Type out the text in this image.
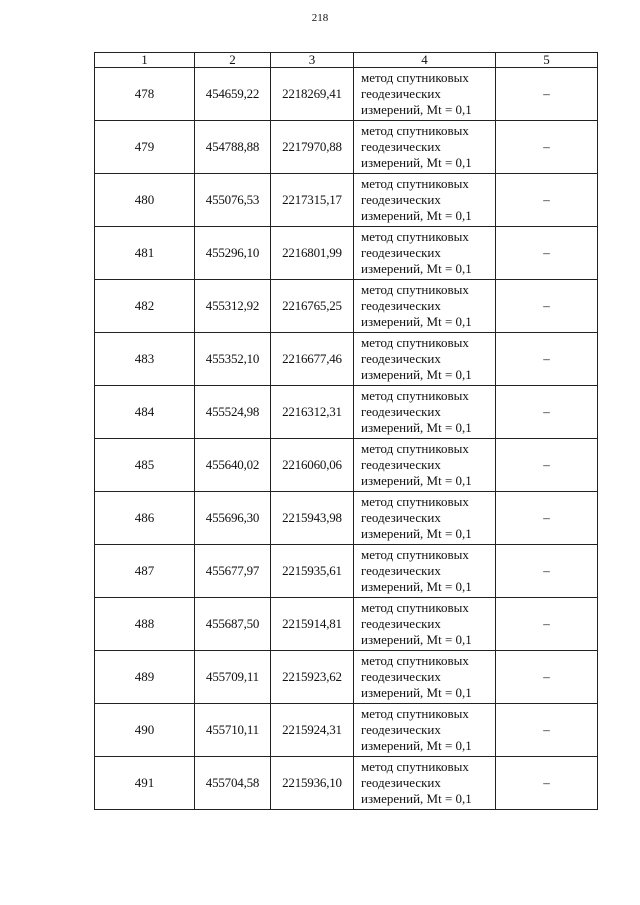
218
1	2	3	4	5
478	454659,22	2218269,41	метод спутниковых
геодезических
измерений, Mt = 0,1	–
479	454788,88	2217970,88	метод спутниковых
геодезических
измерений, Mt = 0,1	–
480	455076,53	2217315,17	метод спутниковых
геодезических
измерений, Mt = 0,1	–
481	455296,10	2216801,99	метод спутниковых
геодезических
измерений, Mt = 0,1	–
482	455312,92	2216765,25	метод спутниковых
геодезических
измерений, Mt = 0,1	–
483	455352,10	2216677,46	метод спутниковых
геодезических
измерений, Mt = 0,1	–
484	455524,98	2216312,31	метод спутниковых
геодезических
измерений, Mt = 0,1	–
485	455640,02	2216060,06	метод спутниковых
геодезических
измерений, Mt = 0,1	–
486	455696,30	2215943,98	метод спутниковых
геодезических
измерений, Mt = 0,1	–
487	455677,97	2215935,61	метод спутниковых
геодезических
измерений, Mt = 0,1	–
488	455687,50	2215914,81	метод спутниковых
геодезических
измерений, Mt = 0,1	–
489	455709,11	2215923,62	метод спутниковых
геодезических
измерений, Mt = 0,1	–
490	455710,11	2215924,31	метод спутниковых
геодезических
измерений, Mt = 0,1	–
491	455704,58	2215936,10	метод спутниковых
геодезических
измерений, Mt = 0,1	–
